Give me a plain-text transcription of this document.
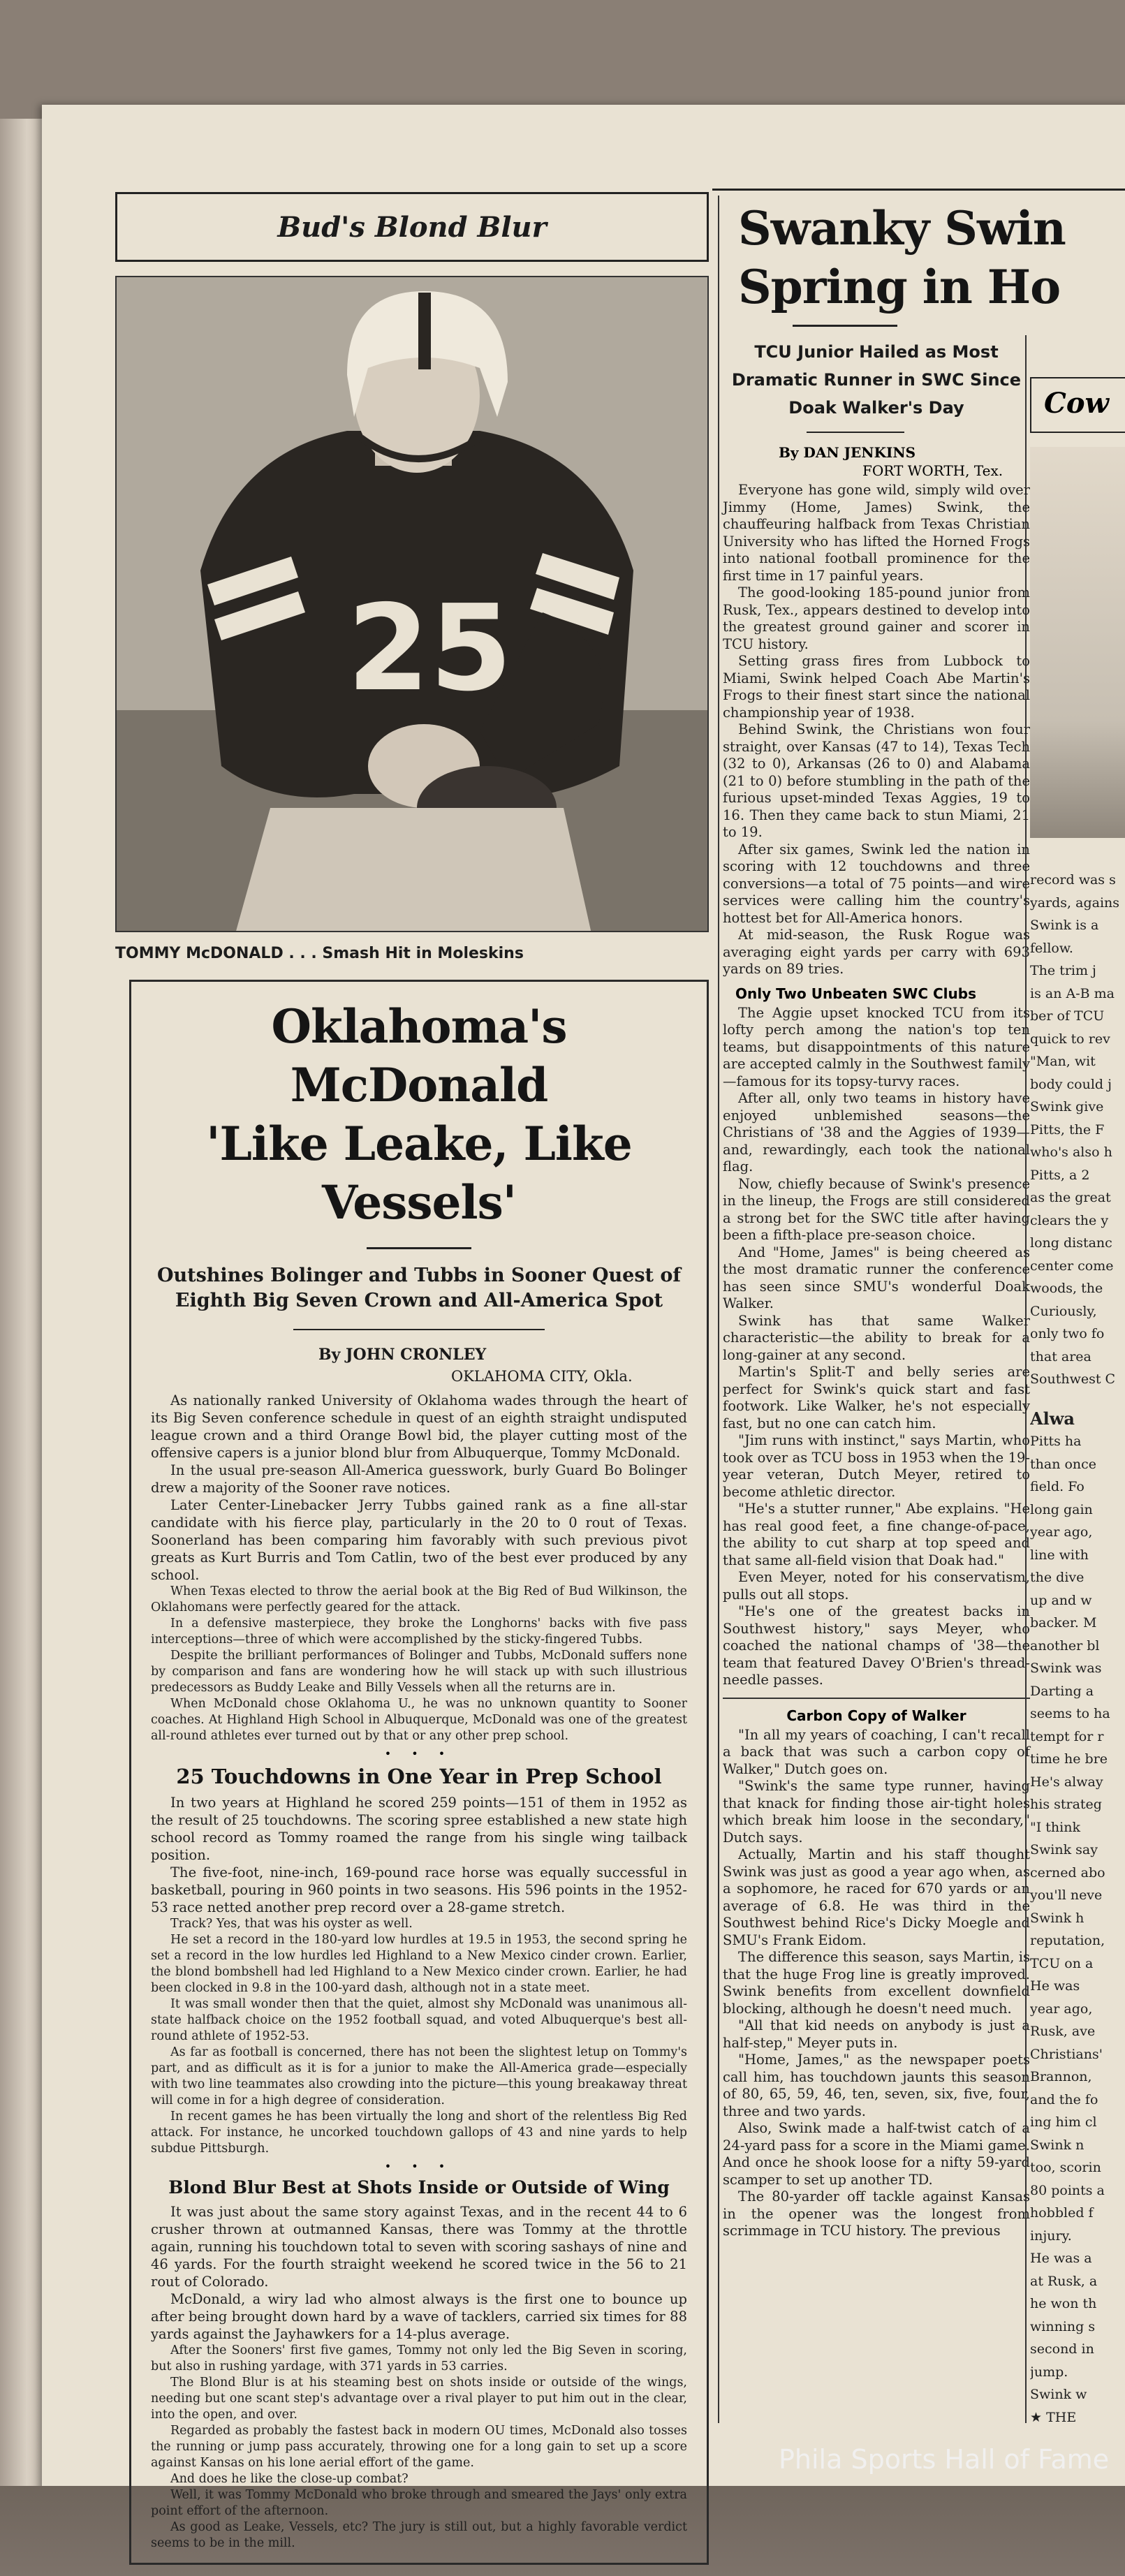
Bud's Blond Blur
25
TOMMY McDONALD . . . Smash Hit in Moleskins
Oklahoma's McDonald
'Like Leake, Like Vessels'
Outshines Bolinger and Tubbs in Sooner Quest of Eighth Big Seven Crown and All-America Spot
By JOHN CRONLEY
OKLAHOMA CITY, Okla.

As nationally ranked University of Oklahoma wades through the heart of its Big Seven conference schedule in quest of an eighth straight undisputed league crown and a third Orange Bowl bid, the player cutting most of the offensive capers is a junior blond blur from Albuquerque, Tommy McDonald.

In the usual pre-season All-America guesswork, burly Guard Bo Bolinger drew a majority of the Sooner rave notices.

Later Center-Linebacker Jerry Tubbs gained rank as a fine all-star candidate with his fierce play, particularly in the 20 to 0 rout of Texas. Soonerland has been comparing him favorably with such previous pivot greats as Kurt Burris and Tom Catlin, two of the best ever produced by any school.

When Texas elected to throw the aerial book at the Big Red of Bud Wilkinson, the Oklahomans were perfectly geared for the attack.

In a defensive masterpiece, they broke the Longhorns' backs with five pass interceptions—three of which were accomplished by the sticky-fingered Tubbs.

Despite the brilliant performances of Bolinger and Tubbs, McDonald suffers none by comparison and fans are wondering how he will stack up with such illustrious predecessors as Buddy Leake and Billy Vessels when all the returns are in.

When McDonald chose Oklahoma U., he was no unknown quantity to Sooner coaches. At Highland High School in Albuquerque, McDonald was one of the greatest all-round athletes ever turned out by that or any other prep school.

• • •
25 Touchdowns in One Year in Prep School

In two years at Highland he scored 259 points—151 of them in 1952 as the result of 25 touchdowns. The scoring spree established a new state high school record as Tommy roamed the range from his single wing tailback position.

The five-foot, nine-inch, 169-pound race horse was equally successful in basketball, pouring in 960 points in two seasons. His 596 points in the 1952-53 race netted another prep record over a 28-game stretch.

Track? Yes, that was his oyster as well.

He set a record in the 180-yard low hurdles at 19.5 in 1953, the second spring he set a record in the low hurdles led Highland to a New Mexico cinder crown. Earlier, the blond bombshell had led Highland to a New Mexico cinder crown. Earlier, he had been clocked in 9.8 in the 100-yard dash, although not in a state meet.

It was small wonder then that the quiet, almost shy McDonald was unanimous all-state halfback choice on the 1952 football squad, and voted Albuquerque's best all-round athlete of 1952-53.

As far as football is concerned, there has not been the slightest letup on Tommy's part, and as difficult as it is for a junior to make the All-America grade—especially with two line teammates also crowding into the picture—this young breakaway threat will come in for a high degree of consideration.

In recent games he has been virtually the long and short of the relentless Big Red attack. For instance, he uncorked touchdown gallops of 43 and nine yards to help subdue Pittsburgh.

• • •
Blond Blur Best at Shots Inside or Outside of Wing

It was just about the same story against Texas, and in the recent 44 to 6 crusher thrown at outmanned Kansas, there was Tommy at the throttle again, running his touchdown total to seven with scoring sashays of nine and 46 yards. For the fourth straight weekend he scored twice in the 56 to 21 rout of Colorado.

McDonald, a wiry lad who almost always is the first one to bounce up after being brought down hard by a wave of tacklers, carried six times for 88 yards against the Jayhawkers for a 14-plus average.

After the Sooners' first five games, Tommy not only led the Big Seven in scoring, but also in rushing yardage, with 371 yards in 53 carries.

The Blond Blur is at his steaming best on shots inside or outside of the wings, needing but one scant step's advantage over a rival player to put him out in the clear, into the open, and over.

Regarded as probably the fastest back in modern OU times, McDonald also tosses the running or jump pass accurately, throwing one for a long gain to set up a score against Kansas on his lone aerial effort of the game.

And does he like the close-up combat?

Well, it was Tommy McDonald who broke through and smeared the Jays' only extra point effort of the afternoon.

As good as Leake, Vessels, etc? The jury is still out, but a highly favorable verdict seems to be in the mill.

Swanky Swin
Spring in Ho
TCU Junior Hailed as Most Dramatic Runner in SWC Since Doak Walker's Day
By DAN JENKINS
FORT WORTH, Tex.

Everyone has gone wild, simply wild over Jimmy (Home, James) Swink, the chauffeuring halfback from Texas Christian University who has lifted the Horned Frogs into national football prominence for the first time in 17 painful years.

The good-looking 185-pound junior from Rusk, Tex., appears destined to develop into the greatest ground gainer and scorer in TCU history.

Setting grass fires from Lubbock to Miami, Swink helped Coach Abe Martin's Frogs to their finest start since the national championship year of 1938.

Behind Swink, the Christians won four straight, over Kansas (47 to 14), Texas Tech (32 to 0), Arkansas (26 to 0) and Alabama (21 to 0) before stumbling in the path of the furious upset-minded Texas Aggies, 19 to 16. Then they came back to stun Miami, 21 to 19.

After six games, Swink led the nation in scoring with 12 touchdowns and three conversions—a total of 75 points—and wire services were calling him the country's hottest bet for All-America honors.

At mid-season, the Rusk Rogue was averaging eight yards per carry with 693 yards on 89 tries.

Only Two Unbeaten SWC Clubs

The Aggie upset knocked TCU from its lofty perch among the nation's top ten teams, but disappointments of this nature are accepted calmly in the Southwest family—famous for its topsy-turvy races.

After all, only two teams in history have enjoyed unblemished seasons—the Christians of '38 and the Aggies of 1939—and, rewardingly, each took the national flag.

Now, chiefly because of Swink's presence in the lineup, the Frogs are still considered a strong bet for the SWC title after having been a fifth-place pre-season choice.

And "Home, James" is being cheered as the most dramatic runner the conference has seen since SMU's wonderful Doak Walker.

Swink has that same Walker characteristic—the ability to break for a long-gainer at any second.

Martin's Split-T and belly series are perfect for Swink's quick start and fast footwork. Like Walker, he's not especially fast, but no one can catch him.

"Jim runs with instinct," says Martin, who took over as TCU boss in 1953 when the 19-year veteran, Dutch Meyer, retired to become athletic director.

"He's a stutter runner," Abe explains. "He has real good feet, a fine change-of-pace, the ability to cut sharp at top speed and that same all-field vision that Doak had."

Even Meyer, noted for his conservatism, pulls out all stops.

"He's one of the greatest backs in Southwest history," says Meyer, who coached the national champs of '38—the team that featured Davey O'Brien's thread-needle passes.

Carbon Copy of Walker

"In all my years of coaching, I can't recall a back that was such a carbon copy of Walker," Dutch goes on.

"Swink's the same type runner, having that knack for finding those air-tight holes which break him loose in the secondary," Dutch says.

Actually, Martin and his staff thought Swink was just as good a year ago when, as a sophomore, he raced for 670 yards or an average of 6.8. He was third in the Southwest behind Rice's Dicky Moegle and SMU's Frank Eidom.

The difference this season, says Martin, is that the huge Frog line is greatly improved. Swink benefits from excellent downfield blocking, although he doesn't need much.

"All that kid needs on anybody is just a half-step," Meyer puts in.

"Home, James," as the newspaper poets call him, has touchdown jaunts this season of 80, 65, 59, 46, ten, seven, six, five, four, three and two yards.

Also, Swink made a half-twist catch of a 24-yard pass for a score in the Miami game. And once he shook loose for a nifty 59-yard scamper to set up another TD.

The 80-yarder off tackle against Kansas in the opener was the longest from scrimmage in TCU history. The previous

Cow
record was s
yards, agains
Swink is a
fellow.
The trim j
is an A-B ma
ber of TCU
quick to rev
"Man, wit
body could j
Swink give
Pitts, the F
who's also h
Pitts, a 2
as the great
clears the y
long distanc
center come
woods, the
Curiously,
only two fo
that area
Southwest C
Alwa
Pitts ha
than once
field. Fo
long gain
year ago,
line with
the dive
up and w
backer. M
another bl
Swink was
Darting a
seems to ha
tempt for r
time he bre
He's alway
his strateg
"I think
Swink say
cerned abo
you'll neve
Swink h
reputation,
TCU on a
He was
year ago,
Rusk, ave
Christians'
Brannon,
and the fo
ing him cl
Swink n
too, scorin
80 points a
hobbled f
injury.
He was a
at Rusk, a
he won th
winning s
second in
jump.
Swink w
★ THE
Phila Sports Hall of Fame
